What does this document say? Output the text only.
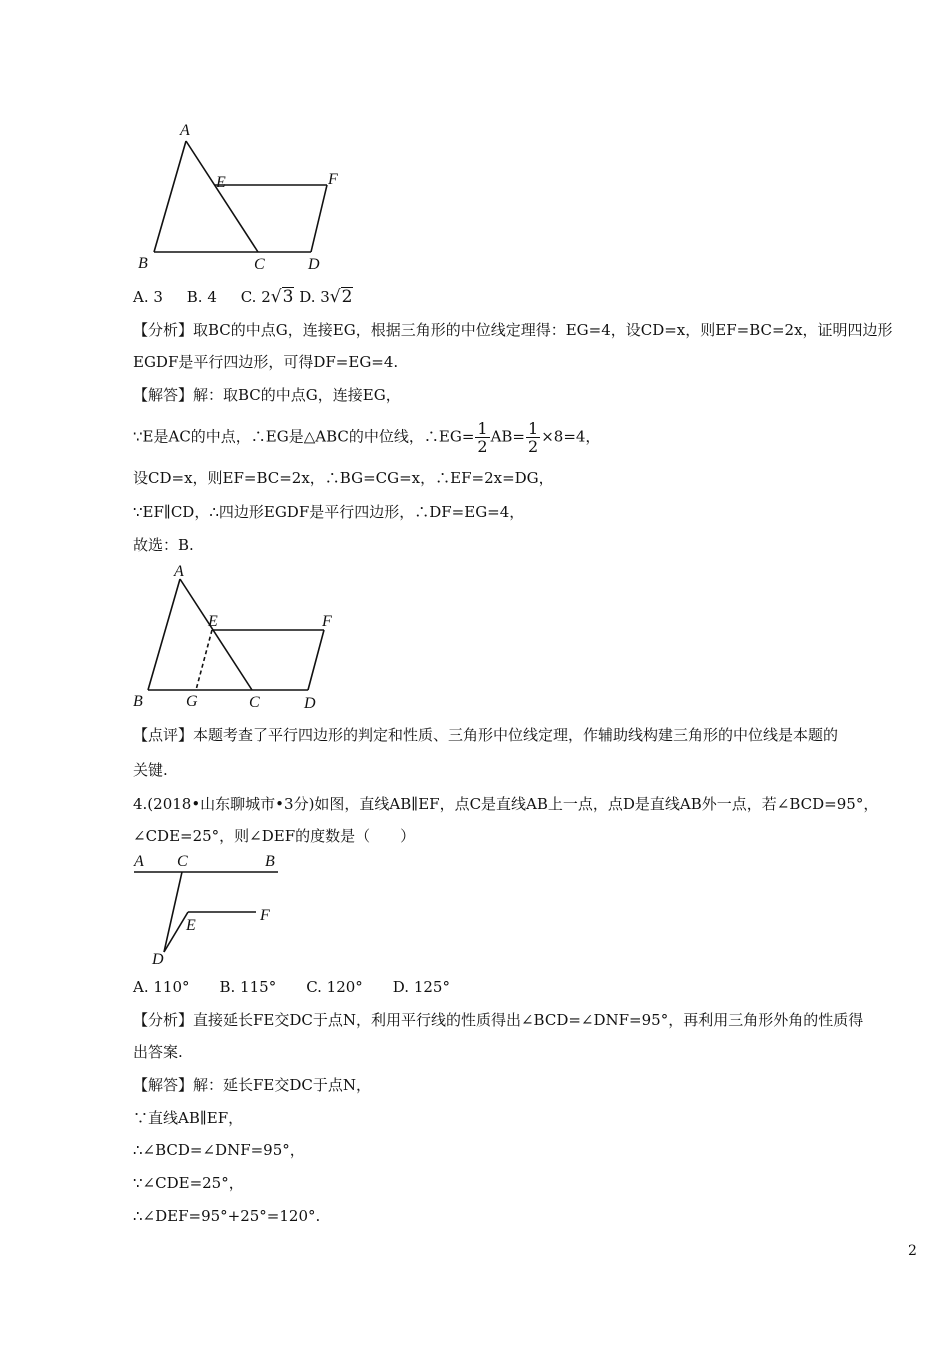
A
B	C	D
E	F
A. 3 B. 4 C. 2√3 D. 3√2
【分析】取BC的中点G，连接EG，根据三角形的中位线定理得：EG=4，设CD=x，则EF=BC=2x，证明四边形
EGDF是平行四边形，可得DF=EG=4.
【解答】解：取BC的中点G，连接EG，
∵E是AC的中点，∴EG是△ABC的中位线，∴EG= $\frac{1}{2} AB= \frac{1}{2} \times 8=4$，
设CD=x，则EF=BC=2x，∴BG=CG=x，∴EF=2x=DG，
∵EF∥CD，∴四边形EGDF是平行四边形，∴DF=EG=4，
故选：B.
A
B	C	D
E	F
G
【点评】本题考查了平行四边形的判定和性质、三角形中位线定理，作辅助线构建三角形的中位线是本题的
关键.
4.(2018•山东聊城市•3分)如图，直线AB∥EF，点C是直线AB上一点，点D是直线AB外一点，若∠BCD=95°，
∠CDE=25°，则∠DEF的度数是（　　）
A C	B
E
F
D
A. 110°　　B. 115°　　C. 120°　　D. 125°
【分析】直接延长FE交DC于点N，利用平行线的性质得出∠BCD=∠DNF=95°，再利用三角形外角的性质得
出答案.
【解答】解：延长FE交DC于点N，
∵直线AB∥EF，
∴∠BCD=∠DNF=95°，
∵∠CDE=25°，
∴∠DEF=95°+25°=120°.
2
